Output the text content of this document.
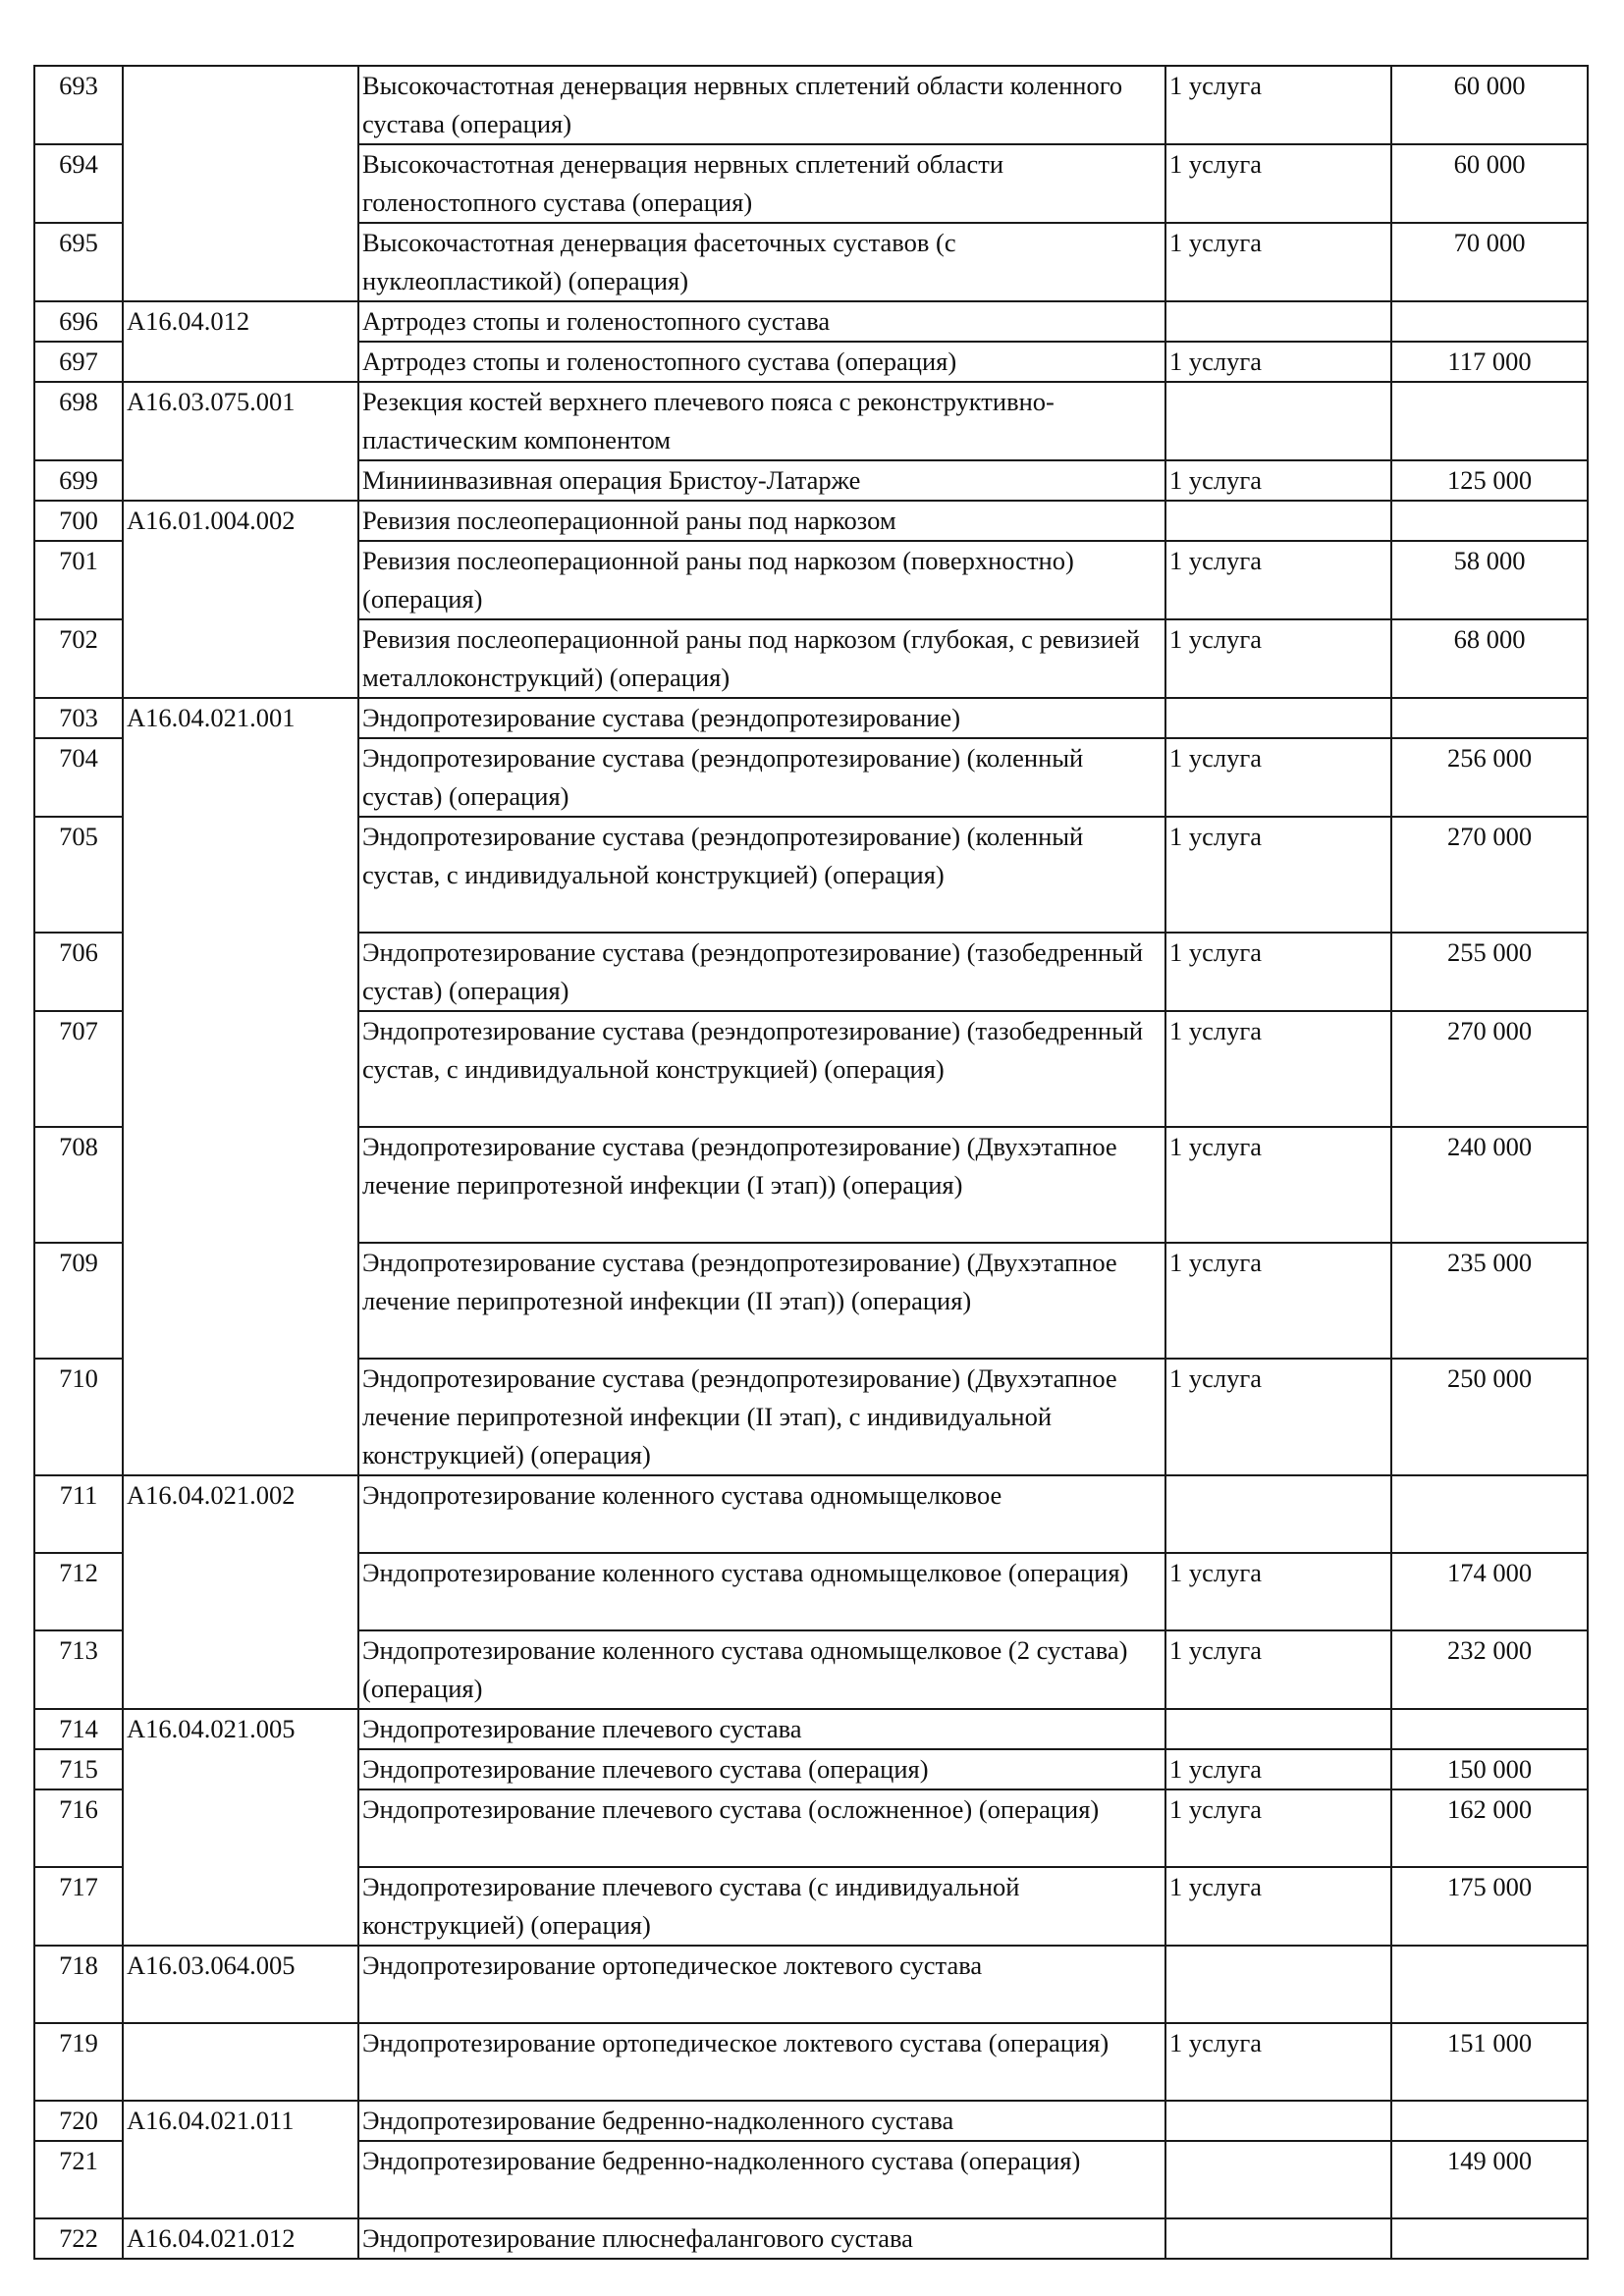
693		Высокочастотная денервация нервных сплетений области коленного сустава (операция)	1 услуга	60 000
694		Высокочастотная денервация нервных сплетений области голеностопного сустава (операция)	1 услуга	60 000
695		Высокочастотная денервация фасеточных суставов (с нуклеопластикой) (операция)	1 услуга	70 000
696	A16.04.012	Артродез стопы и голеностопного сустава		
697		Артродез стопы и голеностопного сустава (операция)	1 услуга	117 000
698	A16.03.075.001	Резекция костей верхнего плечевого пояса с реконструктивно-пластическим компонентом		
699		Миниинвазивная операция Бристоу-Латарже	1 услуга	125 000
700	A16.01.004.002	Ревизия послеоперационной раны под наркозом		
701		Ревизия послеоперационной раны под наркозом (поверхностно) (операция)	1 услуга	58 000
702		Ревизия послеоперационной раны под наркозом (глубокая, с ревизией металлоконструкций) (операция)	1 услуга	68 000
703	A16.04.021.001	Эндопротезирование сустава (реэндопротезирование)		
704		Эндопротезирование сустава (реэндопротезирование) (коленный сустав) (операция)	1 услуга	256 000
705		Эндопротезирование сустава (реэндопротезирование) (коленный сустав, с индивидуальной конструкцией) (операция)	1 услуга	270 000
706		Эндопротезирование сустава (реэндопротезирование) (тазобедренный сустав) (операция)	1 услуга	255 000
707		Эндопротезирование сустава (реэндопротезирование) (тазобедренный сустав, с индивидуальной конструкцией) (операция)	1 услуга	270 000
708		Эндопротезирование сустава (реэндопротезирование) (Двухэтапное лечение перипротезной инфекции (I этап)) (операция)	1 услуга	240 000
709		Эндопротезирование сустава (реэндопротезирование) (Двухэтапное лечение перипротезной инфекции (II этап)) (операция)	1 услуга	235 000
710		Эндопротезирование сустава (реэндопротезирование) (Двухэтапное лечение перипротезной инфекции (II этап), с индивидуальной конструкцией) (операция)	1 услуга	250 000
711	A16.04.021.002	Эндопротезирование коленного сустава одномыщелковое		
712		Эндопротезирование коленного сустава одномыщелковое (операция)	1 услуга	174 000
713		Эндопротезирование коленного сустава одномыщелковое (2 сустава) (операция)	1 услуга	232 000
714	A16.04.021.005	Эндопротезирование плечевого сустава		
715		Эндопротезирование плечевого сустава (операция)	1 услуга	150 000
716		Эндопротезирование плечевого сустава (осложненное) (операция)	1 услуга	162 000
717		Эндопротезирование плечевого сустава (с индивидуальной конструкцией) (операция)	1 услуга	175 000
718	A16.03.064.005	Эндопротезирование ортопедическое локтевого сустава		
719		Эндопротезирование ортопедическое локтевого сустава (операция)	1 услуга	151 000
720	A16.04.021.011	Эндопротезирование бедренно-надколенного сустава		
721		Эндопротезирование бедренно-надколенного сустава (операция)		149 000
722	A16.04.021.012	Эндопротезирование плюснефалангового сустава		
